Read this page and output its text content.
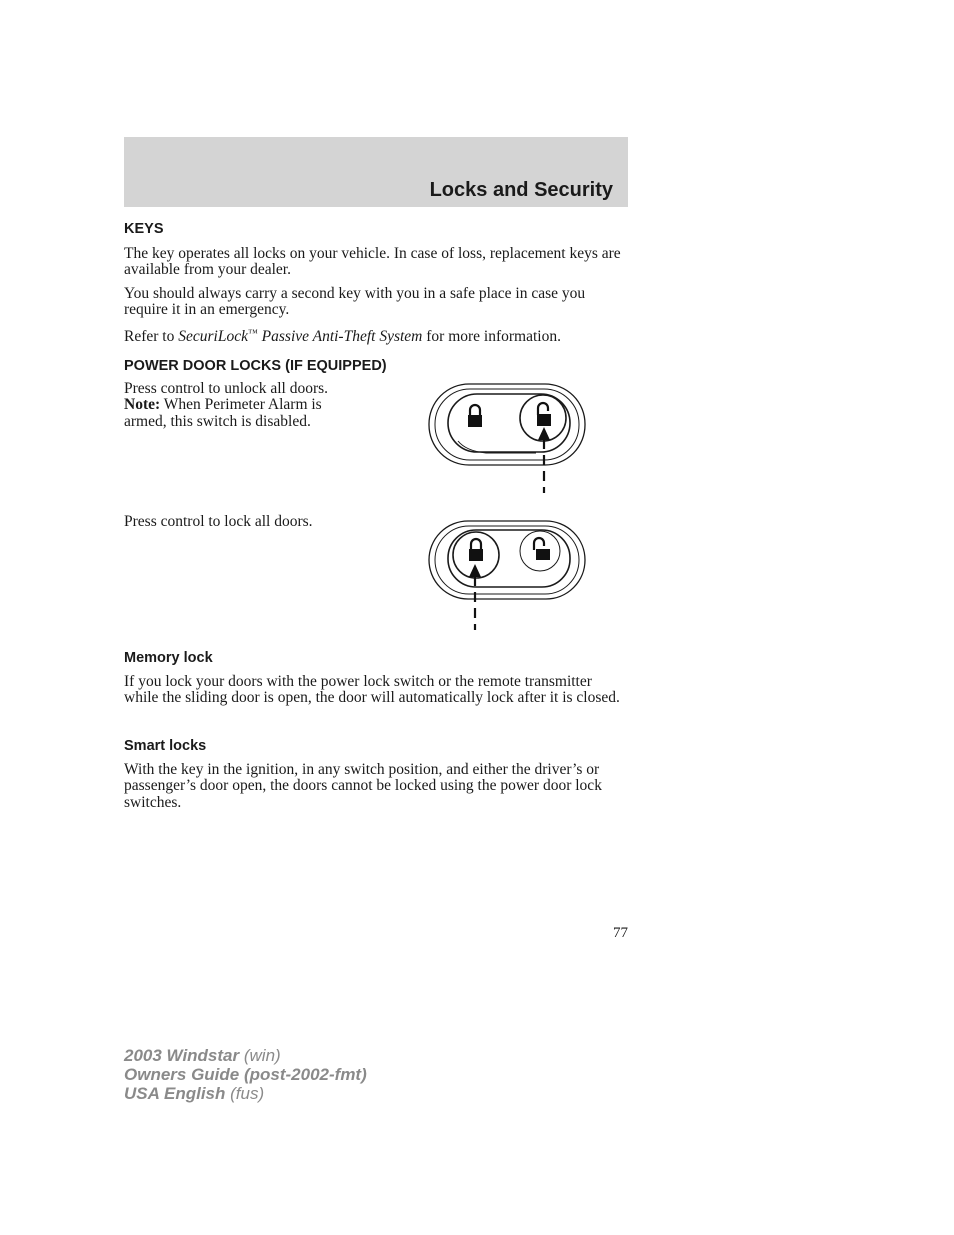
Locks and Security
KEYS
The key operates all locks on your vehicle. In case of loss, replacement keys are available from your dealer.
You should always carry a second key with you in a safe place in case you require it in an emergency.
Refer to SecuriLock™ Passive Anti-Theft System for more information.
POWER DOOR LOCKS (IF EQUIPPED)
Press control to unlock all doors.
Note: When Perimeter Alarm is armed, this switch is disabled.
Press control to lock all doors.
Memory lock
If you lock your doors with the power lock switch or the remote transmitter while the sliding door is open, the door will automatically lock after it is closed.
Smart locks
With the key in the ignition, in any switch position, and either the driver’s or passenger’s door open, the doors cannot be locked using the power door lock switches.
77
2003 Windstar (win)
Owners Guide (post-2002-fmt)
USA English (fus)
